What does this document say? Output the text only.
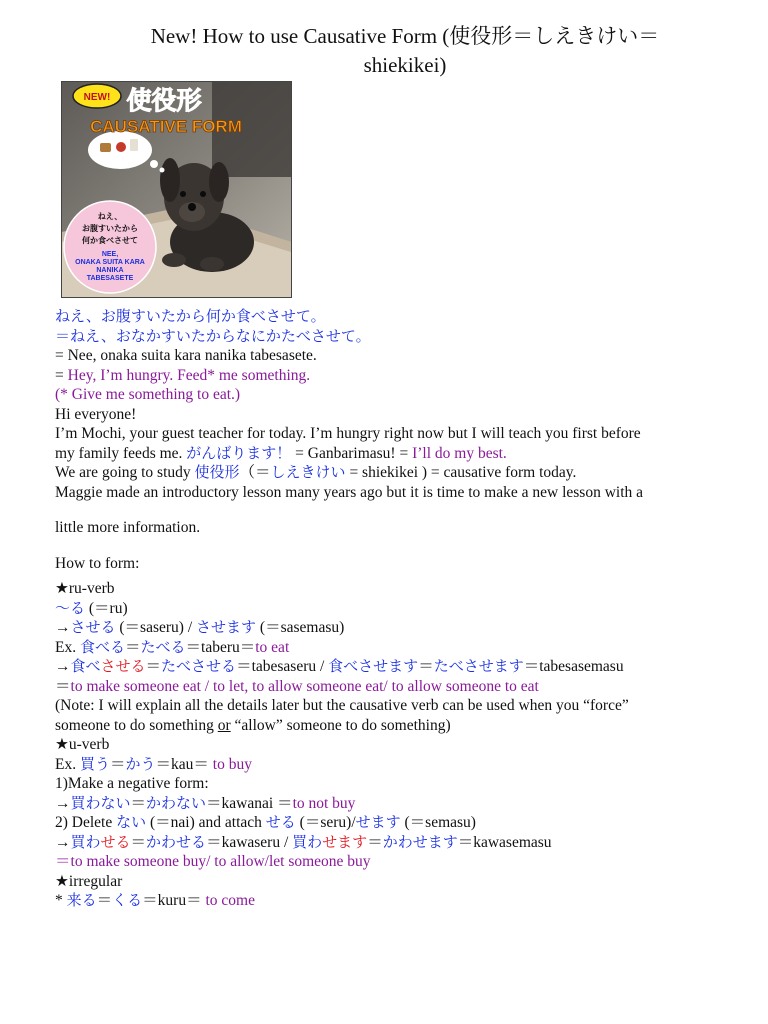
New! How to use Causative Form (使役形＝しえきけい＝
shiekikei)
NEW! 使役形
CAUSATIVE FORM
ねえ、
お腹すいたから
何か食べさせて
NEE,
ONAKA SUITA KARA
NANIKA
TABESASETE
ねえ、お腹すいたから何か食べさせて。
＝ねえ、おなかすいたからなにかたべさせて。
= Nee, onaka suita kara nanika tabesasete.
= Hey, I’m hungry. Feed* me something.
(* Give me something to eat.)
Hi everyone!
I’m Mochi, your guest teacher for today. I’m hungry right now but I will teach you first before
my family feeds me. がんばります！ = Ganbarimasu! = I’ll do my best.
We are going to study 使役形（＝しえきけい = shiekikei ) = causative form today.
Maggie made an introductory lesson many years ago but it is time to make a new lesson with a
little more information.
How to form:
★ru-verb
～る (＝ru)
→させる (＝saseru) / させます (＝sasemasu)
Ex. 食べる＝たべる＝taberu＝to eat
→食べさせる＝たべさせる＝tabesaseru / 食べさせます＝たべさせます＝tabesasemasu
＝to make someone eat / to let, to allow someone eat/ to allow someone to eat
(Note: I will explain all the details later but the causative verb can be used when you “force”
someone to do something or “allow” someone to do something)
★u-verb
Ex. 買う＝かう＝kau＝ to buy
1)Make a negative form:
→買わない＝かわない＝kawanai ＝to not buy
2) Delete ない (＝nai) and attach せる (＝seru)/せます (＝semasu)
→買わせる＝かわせる＝kawaseru / 買わせます＝かわせます＝kawasemasu
＝to make someone buy/ to allow/let someone buy
★irregular
* 来る＝くる＝kuru＝ to come
